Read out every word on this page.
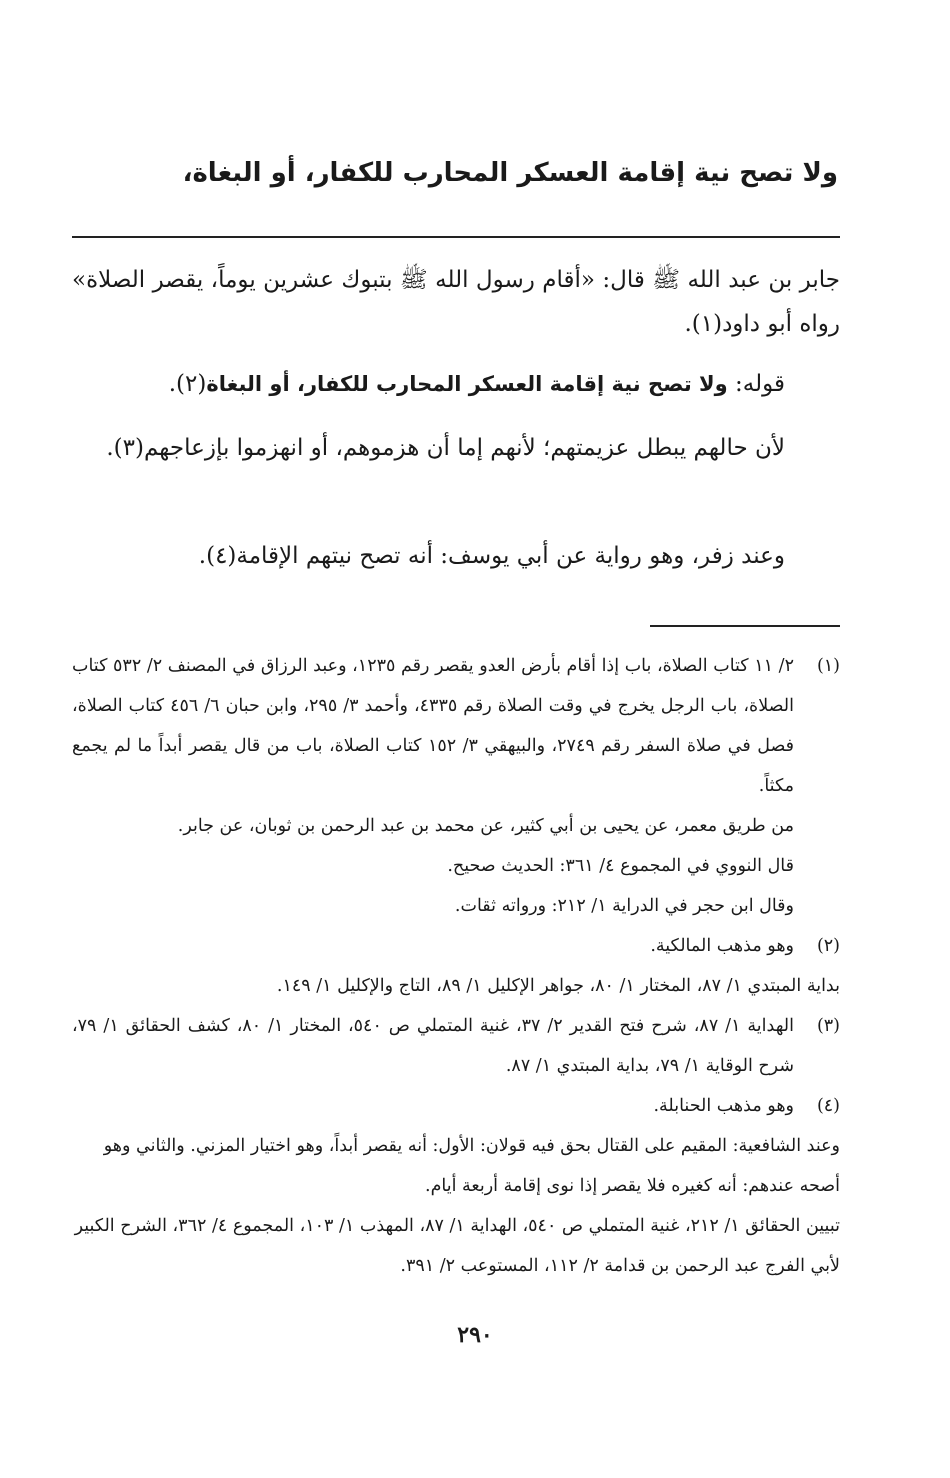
ولا تصح نية إقامة العسكر المحارب للكفار، أو البغاة،
جابر بن عبد الله ﷺ قال: «أقام رسول الله ﷺ بتبوك عشرين يوماً، يقصر الصلاة» رواه أبو داود(١).
قوله: ولا تصح نية إقامة العسكر المحارب للكفار، أو البغاة(٢).
لأن حالهم يبطل عزيمتهم؛ لأنهم إما أن هزموهم، أو انهزموا بإزعاجهم(٣).
وعند زفر، وهو رواية عن أبي يوسف: أنه تصح نيتهم الإقامة(٤).
(١)
٢/ ١١ كتاب الصلاة، باب إذا أقام بأرض العدو يقصر رقم ١٢٣٥، وعبد الرزاق في المصنف ٢/ ٥٣٢ كتاب الصلاة، باب الرجل يخرج في وقت الصلاة رقم ٤٣٣٥، وأحمد ٣/ ٢٩٥، وابن حبان ٦/ ٤٥٦ كتاب الصلاة، فصل في صلاة السفر رقم ٢٧٤٩، والبيهقي ٣/ ١٥٢ كتاب الصلاة، باب من قال يقصر أبداً ما لم يجمع مكثاً.
من طريق معمر، عن يحيى بن أبي كثير، عن محمد بن عبد الرحمن بن ثوبان، عن جابر.
قال النووي في المجموع ٤/ ٣٦١: الحديث صحيح.
وقال ابن حجر في الدراية ١/ ٢١٢: ورواته ثقات.
(٢)
وهو مذهب المالكية.
بداية المبتدي ١/ ٨٧، المختار ١/ ٨٠، جواهر الإكليل ١/ ٨٩، التاج والإكليل ١/ ١٤٩.
(٣)
الهداية ١/ ٨٧، شرح فتح القدير ٢/ ٣٧، غنية المتملي ص ٥٤٠، المختار ١/ ٨٠، كشف الحقائق ١/ ٧٩، شرح الوقاية ١/ ٧٩، بداية المبتدي ١/ ٨٧.
(٤)
وهو مذهب الحنابلة.
وعند الشافعية: المقيم على القتال بحق فيه قولان: الأول: أنه يقصر أبداً، وهو اختيار المزني. والثاني وهو أصحه عندهم: أنه كغيره فلا يقصر إذا نوى إقامة أربعة أيام.
تبيين الحقائق ١/ ٢١٢، غنية المتملي ص ٥٤٠، الهداية ١/ ٨٧، المهذب ١/ ١٠٣، المجموع ٤/ ٣٦٢، الشرح الكبير لأبي الفرج عبد الرحمن بن قدامة ٢/ ١١٢، المستوعب ٢/ ٣٩١.
٢٩٠
